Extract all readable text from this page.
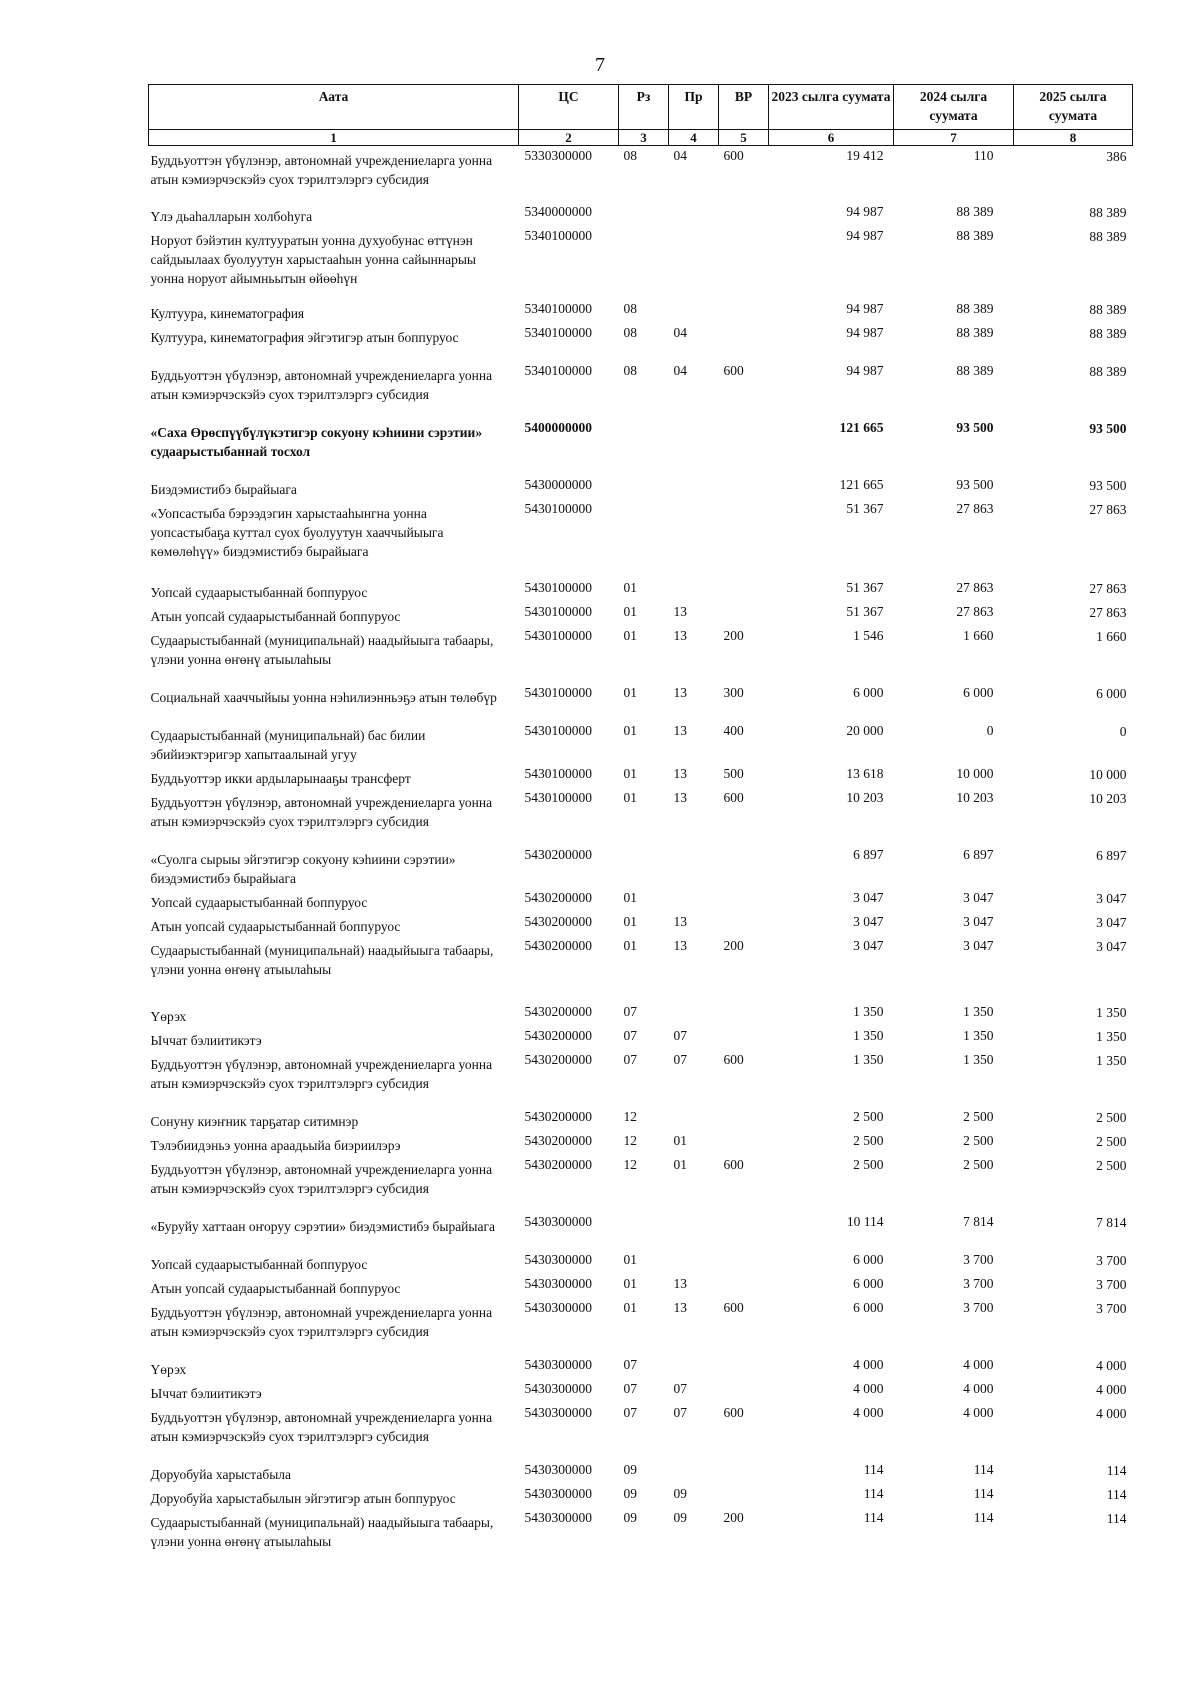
7
Аата	ЦС	Рз	Пр	ВР	2023 сылга суумата	2024 сылга суумата	2025 сылга суумата
1	2	3	4	5	6	7	8

Буддьуоттэн үбүлэнэр, автономнай учреждениеларга уонна атын кэмиэрчэскэйэ суох тэрилтэлэргэ субсидия	5330300000	08	04	600	19 412	110	386

Үлэ дьаһалларын холбоһуга	5340000000				94 987	88 389	88 389

Норуот бэйэтин култууратын уонна духуобунас өттүнэн сайдыылаах буолуутун харыстааһын уонна сайыннарыы уонна норуот айымньытын өйөөһүн	5340100000				94 987	88 389	88 389

Култуура, кинематография	5340100000	08			94 987	88 389	88 389

Култуура, кинематография эйгэтигэр атын боппуруос	5340100000	08	04		94 987	88 389	88 389

Буддьуоттэн үбүлэнэр, автономнай учреждениеларга уонна атын кэмиэрчэскэйэ суох тэрилтэлэргэ субсидия	5340100000	08	04	600	94 987	88 389	88 389

«Саха Өрөспүүбүлүкэтигэр сокуону кэһиини сэрэтии» судаарыстыбаннай тосхол	5400000000				121 665	93 500	93 500

Биэдэмистибэ бырайыага	5430000000				121 665	93 500	93 500

«Уопсастыба бэрээдэгин харыстааһынгна уонна уопсастыбаҕа куттал суох буолуутун хааччыйыыга көмөлөһүү» биэдэмистибэ бырайыага	5430100000				51 367	27 863	27 863

Уопсай судаарыстыбаннай боппуруос	5430100000	01			51 367	27 863	27 863

Атын уопсай судаарыстыбаннай боппуруос	5430100000	01	13		51 367	27 863	27 863

Судаарыстыбаннай (муниципальнай) наадыйыыга табаары, үлэни уонна өҥөнү атыылаһыы	5430100000	01	13	200	1 546	1 660	1 660

Социальнай хааччыйыы уонна нэһилиэнньэҕэ атын төлөбүр	5430100000	01	13	300	6 000	6 000	6 000

Судаарыстыбаннай (муниципальнай) бас билии эбийиэктэригэр хапытаалынай угуу	5430100000	01	13	400	20 000	0	0

Буддьуоттэр икки ардыларынааҕы трансферт	5430100000	01	13	500	13 618	10 000	10 000

Буддьуоттэн үбүлэнэр, автономнай учреждениеларга уонна атын кэмиэрчэскэйэ суох тэрилтэлэргэ субсидия	5430100000	01	13	600	10 203	10 203	10 203

«Суолга сырыы эйгэтигэр сокуону кэһиини сэрэтии» биэдэмистибэ бырайыага	5430200000				6 897	6 897	6 897

Уопсай судаарыстыбаннай боппуруос	5430200000	01			3 047	3 047	3 047

Атын уопсай судаарыстыбаннай боппуруос	5430200000	01	13		3 047	3 047	3 047

Судаарыстыбаннай (муниципальнай) наадыйыыга табаары, үлэни уонна өҥөнү атыылаһыы	5430200000	01	13	200	3 047	3 047	3 047

Үөрэх	5430200000	07			1 350	1 350	1 350

Ыччат бэлиитикэтэ	5430200000	07	07		1 350	1 350	1 350

Буддьуоттэн үбүлэнэр, автономнай учреждениеларга уонна атын кэмиэрчэскэйэ суох тэрилтэлэргэ субсидия	5430200000	07	07	600	1 350	1 350	1 350

Сонуну киэҥник тарҕатар ситимнэр	5430200000	12			2 500	2 500	2 500

Тэлэбиидэньэ уонна араадьыйа биэриилэрэ	5430200000	12	01		2 500	2 500	2 500

Буддьуоттэн үбүлэнэр, автономнай учреждениеларга уонна атын кэмиэрчэскэйэ суох тэрилтэлэргэ субсидия	5430200000	12	01	600	2 500	2 500	2 500

«Буруйу хаттаан оҥоруу сэрэтии» биэдэмистибэ бырайыага	5430300000				10 114	7 814	7 814

Уопсай судаарыстыбаннай боппуруос	5430300000	01			6 000	3 700	3 700

Атын уопсай судаарыстыбаннай боппуруос	5430300000	01	13		6 000	3 700	3 700

Буддьуоттэн үбүлэнэр, автономнай учреждениеларга уонна атын кэмиэрчэскэйэ суох тэрилтэлэргэ субсидия	5430300000	01	13	600	6 000	3 700	3 700

Үөрэх	5430300000	07			4 000	4 000	4 000

Ыччат бэлиитикэтэ	5430300000	07	07		4 000	4 000	4 000

Буддьуоттэн үбүлэнэр, автономнай учреждениеларга уонна атын кэмиэрчэскэйэ суох тэрилтэлэргэ субсидия	5430300000	07	07	600	4 000	4 000	4 000

Доруобуйа харыстабыла	5430300000	09			114	114	114

Доруобуйа харыстабылын эйгэтигэр атын боппуруос	5430300000	09	09		114	114	114

Судаарыстыбаннай (муниципальнай) наадыйыыга табаары, үлэни уонна өҥөнү атыылаһыы	5430300000	09	09	200	114	114	114
